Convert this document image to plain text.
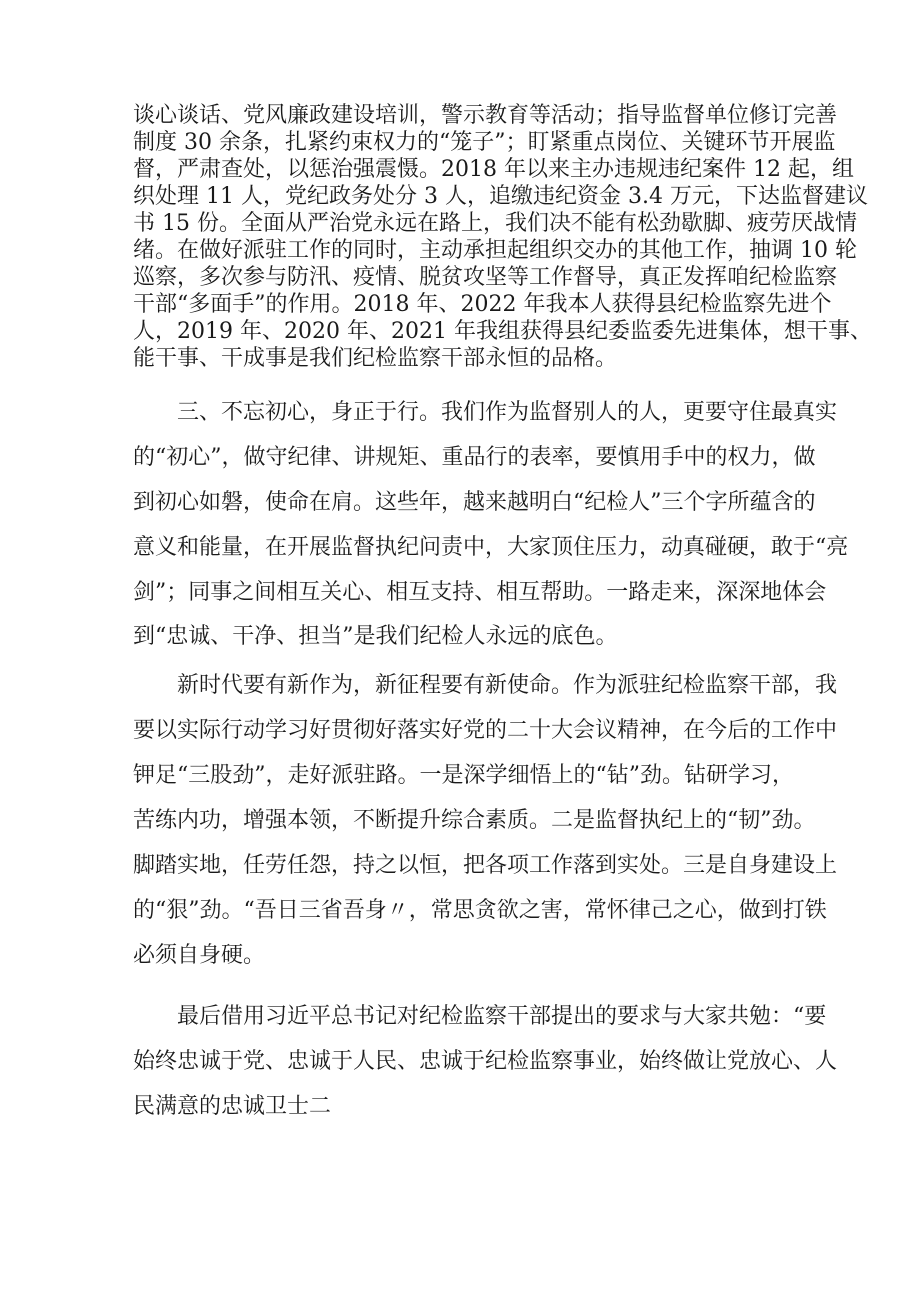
谈心谈话、党风廉政建设培训，警示教育等活动；指导监督单位修订完善
制度 30 余条，扎紧约束权力的“笼子”；盯紧重点岗位、关键环节开展监
督，严肃查处，以惩治强震慑。2018 年以来主办违规违纪案件 12 起，组
织处理 11 人，党纪政务处分 3 人，追缴违纪资金 3.4 万元，下达监督建议
书 15 份。全面从严治党永远在路上，我们决不能有松劲歇脚、疲劳厌战情
绪。在做好派驻工作的同时，主动承担起组织交办的其他工作，抽调 10 轮
巡察，多次参与防汛、疫情、脱贫攻坚等工作督导，真正发挥咱纪检监察
干部“多面手”的作用。2018 年、2022 年我本人获得县纪检监察先进个
人，2019 年、2020 年、2021 年我组获得县纪委监委先进集体，想干事、
能干事、干成事是我们纪检监察干部永恒的品格。
三、不忘初心，身正于行。我们作为监督别人的人，更要守住最真实
的“初心”，做守纪律、讲规矩、重品行的表率，要慎用手中的权力，做
到初心如磐，使命在肩。这些年，越来越明白“纪检人”三个字所蕴含的
意义和能量，在开展监督执纪问责中，大家顶住压力，动真碰硬，敢于“亮
剑”；同事之间相互关心、相互支持、相互帮助。一路走来，深深地体会
到“忠诚、干净、担当”是我们纪检人永远的底色。
新时代要有新作为，新征程要有新使命。作为派驻纪检监察干部，我
要以实际行动学习好贯彻好落实好党的二十大会议精神，在今后的工作中
钾足“三股劲”，走好派驻路。一是深学细悟上的“钻”劲。钻研学习，
苦练内功，增强本领，不断提升综合素质。二是监督执纪上的“韧”劲。
脚踏实地，任劳任怨，持之以恒，把各项工作落到实处。三是自身建设上
的“狠”劲。“吾日三省吾身〃，常思贪欲之害，常怀律己之心，做到打铁
必须自身硬。
最后借用习近平总书记对纪检监察干部提出的要求与大家共勉：“要
始终忠诚于党、忠诚于人民、忠诚于纪检监察事业，始终做让党放心、人
民满意的忠诚卫士二
